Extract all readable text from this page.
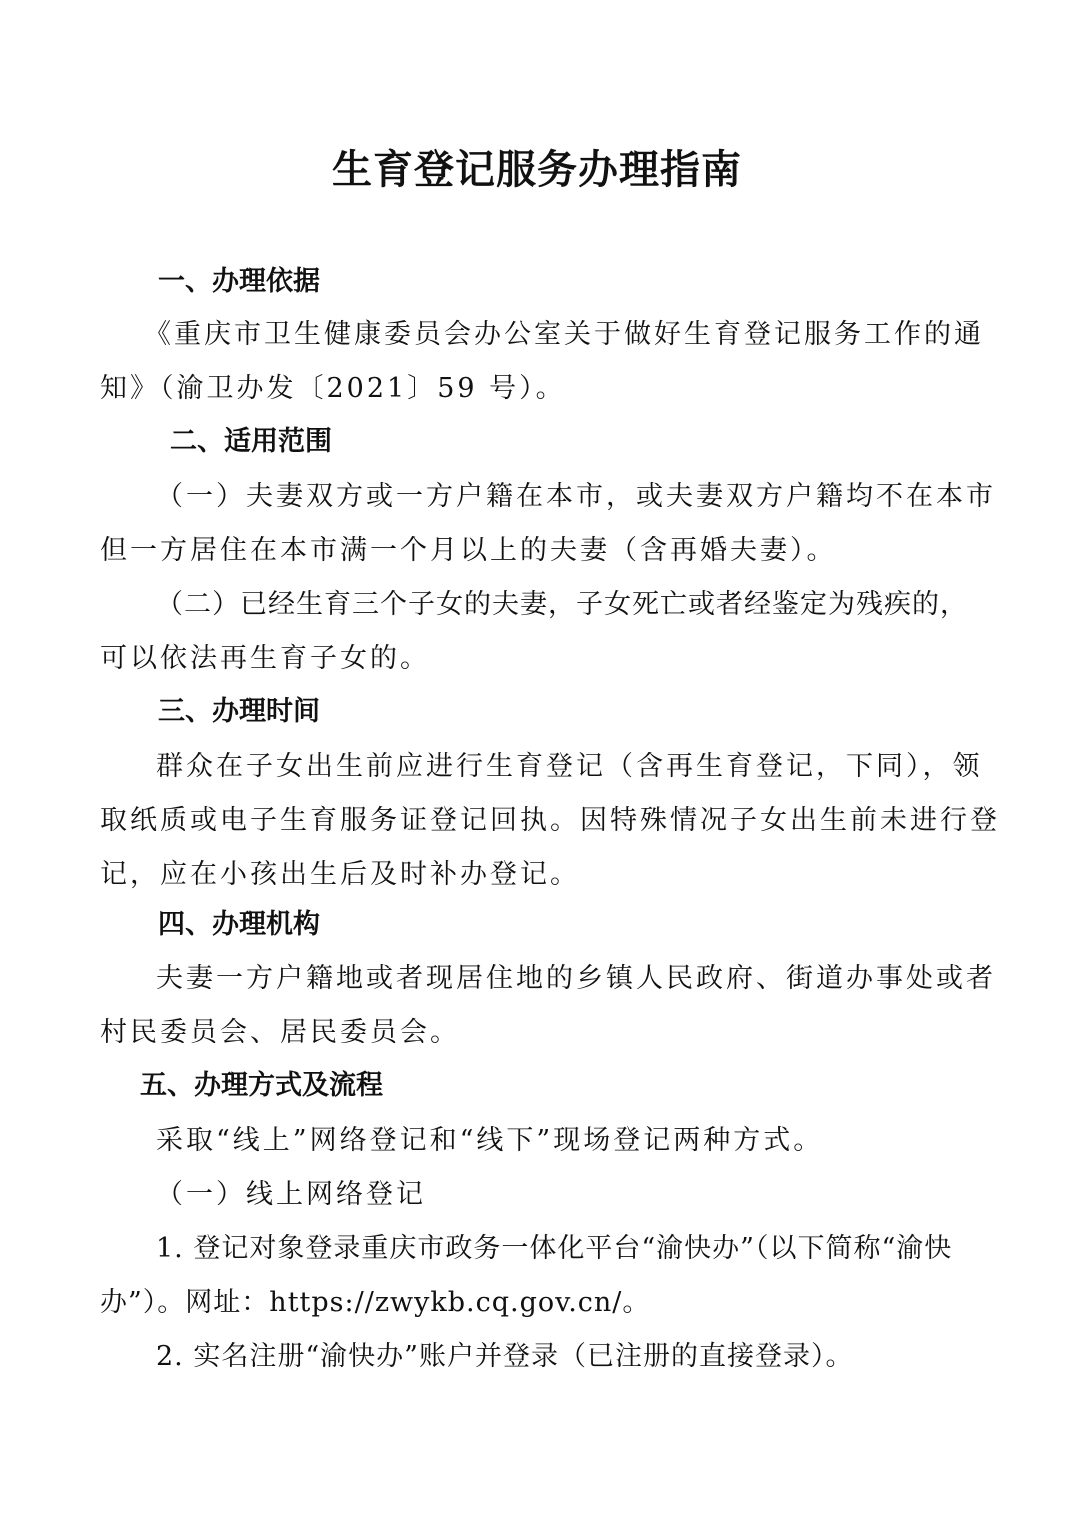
生育登记服务办理指南
一、办理依据
《重庆市卫生健康委员会办公室关于做好生育登记服务工作的通
知》（渝卫办发〔2021〕59 号）。
二、适用范围
（一）夫妻双方或一方户籍在本市，或夫妻双方户籍均不在本市
但一方居住在本市满一个月以上的夫妻（含再婚夫妻）。
（二）已经生育三个子女的夫妻，子女死亡或者经鉴定为残疾的，
可以依法再生育子女的。
三、办理时间
群众在子女出生前应进行生育登记（含再生育登记，下同），领
取纸质或电子生育服务证登记回执。因特殊情况子女出生前未进行登
记，应在小孩出生后及时补办登记。
四、办理机构
夫妻一方户籍地或者现居住地的乡镇人民政府、街道办事处或者
村民委员会、居民委员会。
五、办理方式及流程
采取“线上”网络登记和“线下”现场登记两种方式。
（一）线上网络登记
1. 登记对象登录重庆市政务一体化平台“渝快办”（以下简称“渝快
办”）。网址：https://zwykb.cq.gov.cn/。
2. 实名注册“渝快办”账户并登录（已注册的直接登录）。
